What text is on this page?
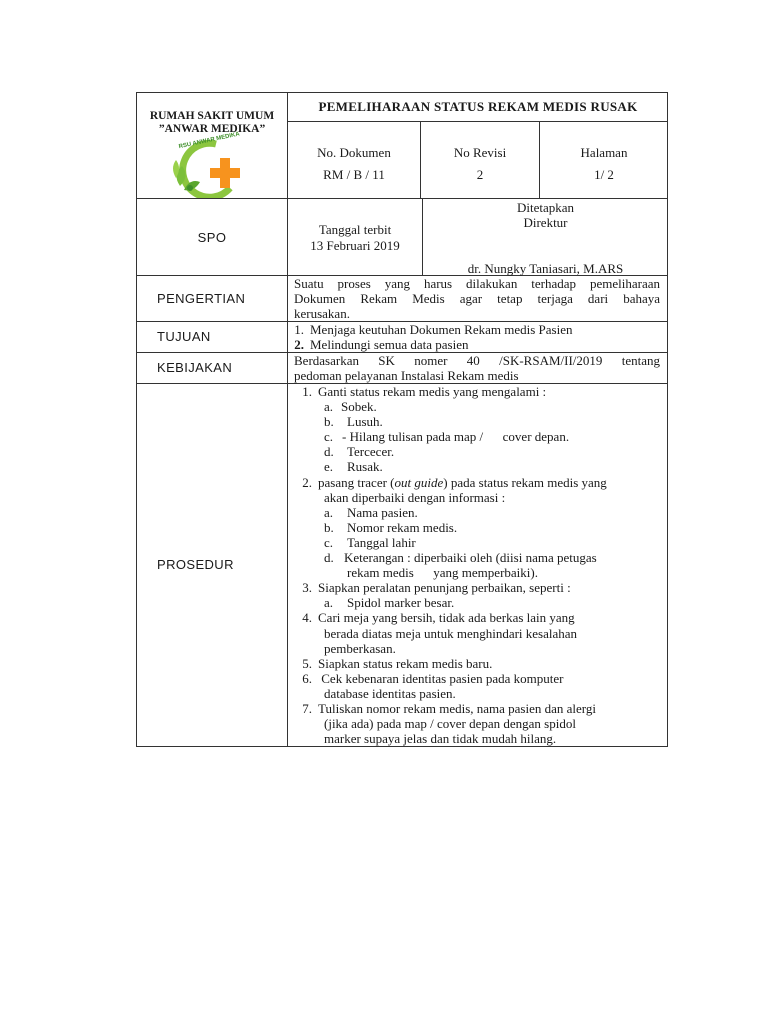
RUMAH SAKIT UMUM
”ANWAR MEDIKA”
RSU ANWAR MEDIKA
PEMELIHARAAN STATUS REKAM MEDIS RUSAK
No. Dokumen
RM / B / 11
No Revisi
2
Halaman
1/ 2
SPO
Tanggal terbit
13 Februari 2019
Ditetapkan
Direktur
dr. Nungky Taniasari, M.ARS
PENGERTIAN
Suatu proses yang harus dilakukan terhadap pemeliharaan
Dokumen Rekam Medis agar tetap terjaga dari bahaya
kerusakan.
TUJUAN	1. Menjaga keutuhan Dokumen Rekam medis Pasien
2. Melindungi semua data pasien
KEBIJAKAN	Berdasarkan SK nomer 40 /SK-RSAM/II/2019 tentang
pedoman pelayanan Instalasi Rekam medis
PROSEDUR
1. Ganti status rekam medis yang mengalami :
a. Sobek.
b. Lusuh.
c. - Hilang tulisan pada map /      cover depan.
d. Tercecer.
e. Rusak.
2. pasang tracer (out guide) pada status rekam medis yang
akan diperbaiki dengan informasi :
a. Nama pasien.
b. Nomor rekam medis.
c. Tanggal lahir
d. Keterangan : diperbaiki oleh (diisi nama petugas
rekam medis      yang memperbaiki).
3. Siapkan peralatan penunjang perbaikan, seperti :
a. Spidol marker besar.
4. Cari meja yang bersih, tidak ada berkas lain yang
berada diatas meja untuk menghindari kesalahan
pemberkasan.
5. Siapkan status rekam medis baru.
6. Cek kebenaran identitas pasien pada komputer
database identitas pasien.
7. Tuliskan nomor rekam medis, nama pasien dan alergi
(jika ada) pada map / cover depan dengan spidol
marker supaya jelas dan tidak mudah hilang.
